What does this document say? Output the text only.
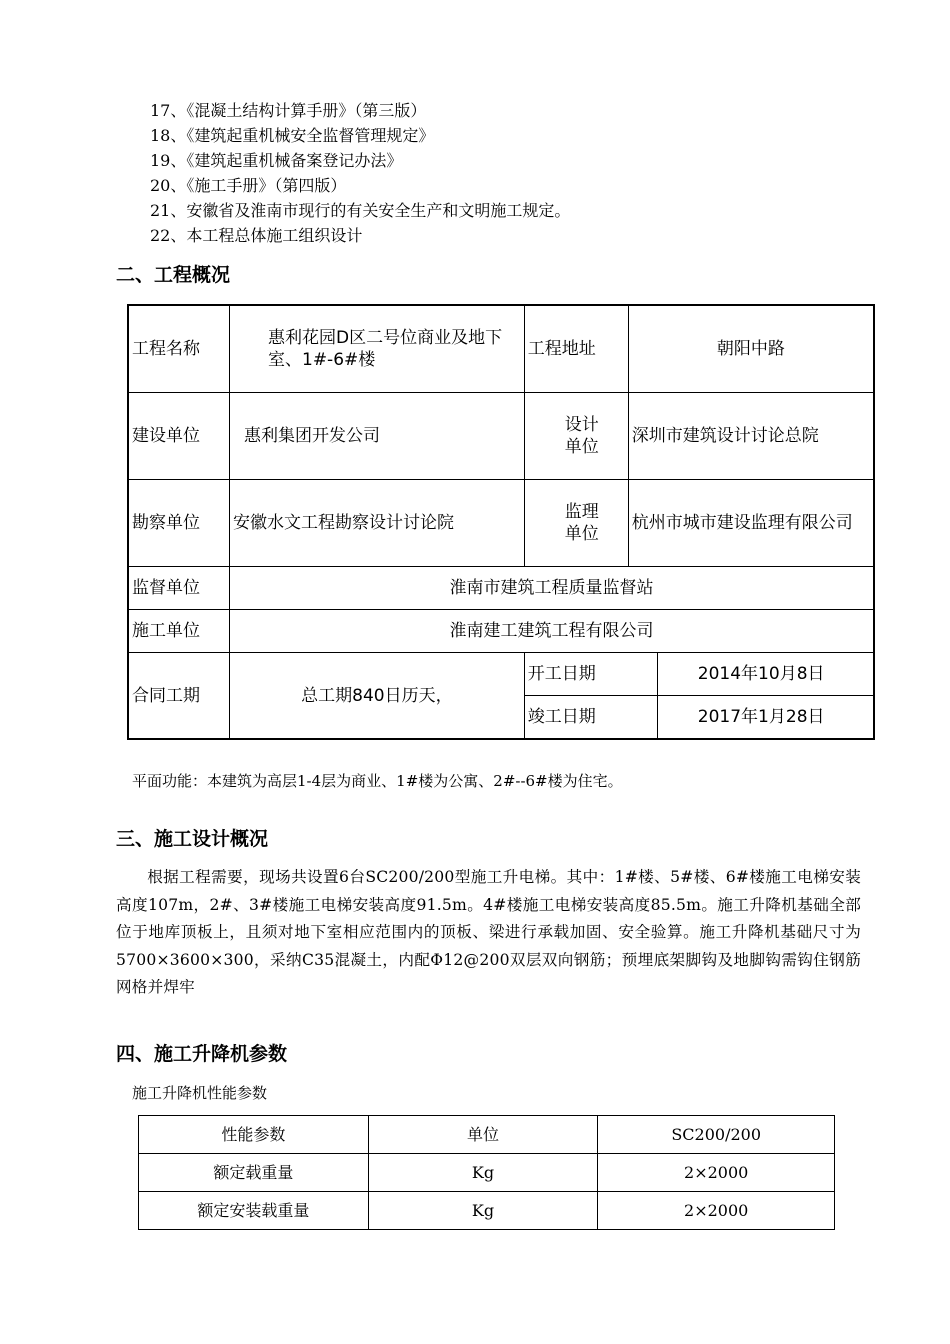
17、《混凝土结构计算手册》（第三版）
18、《建筑起重机械安全监督管理规定》
19、《建筑起重机械备案登记办法》
20、《施工手册》（第四版）
21、安徽省及淮南市现行的有关安全生产和文明施工规定。
22、本工程总体施工组织设计
二、工程概况
工程名称	惠利花园D区二号位商业及地下室、1#-6#楼	工程地址	朝阳中路	
建设单位	惠利集团开发公司	设计单位	深圳市建筑设计讨论总院	
勘察单位	安徽水文工程勘察设计讨论院	监理单位	杭州市城市建设监理有限公司	
监督单位	淮南市建筑工程质量监督站			
施工单位	淮南建工建筑工程有限公司			
合同工期	总工期840日历天，	开工日期		2014年10月8日
		竣工日期		2017年1月28日
平面功能：本建筑为高层1-4层为商业、1#楼为公寓、2#--6#楼为住宅。
三、施工设计概况
根据工程需要，现场共设置6台SC200/200型施工升电梯。其中：1#楼、5#楼、6#楼施工电梯安装高度107m，2#、3#楼施工电梯安装高度91.5m。4#楼施工电梯安装高度85.5m。施工升降机基础全部位于地库顶板上，且须对地下室相应范围内的顶板、梁进行承载加固、安全验算。施工升降机基础尺寸为5700×3600×300，采纳C35混凝土，内配Φ12@200双层双向钢筋；预埋底架脚钩及地脚钩需钩住钢筋网格并焊牢
四、施工升降机参数
施工升降机性能参数
性能参数	单位	SC200/200
额定载重量	Kg	2×2000
额定安装载重量	Kg	2×2000
